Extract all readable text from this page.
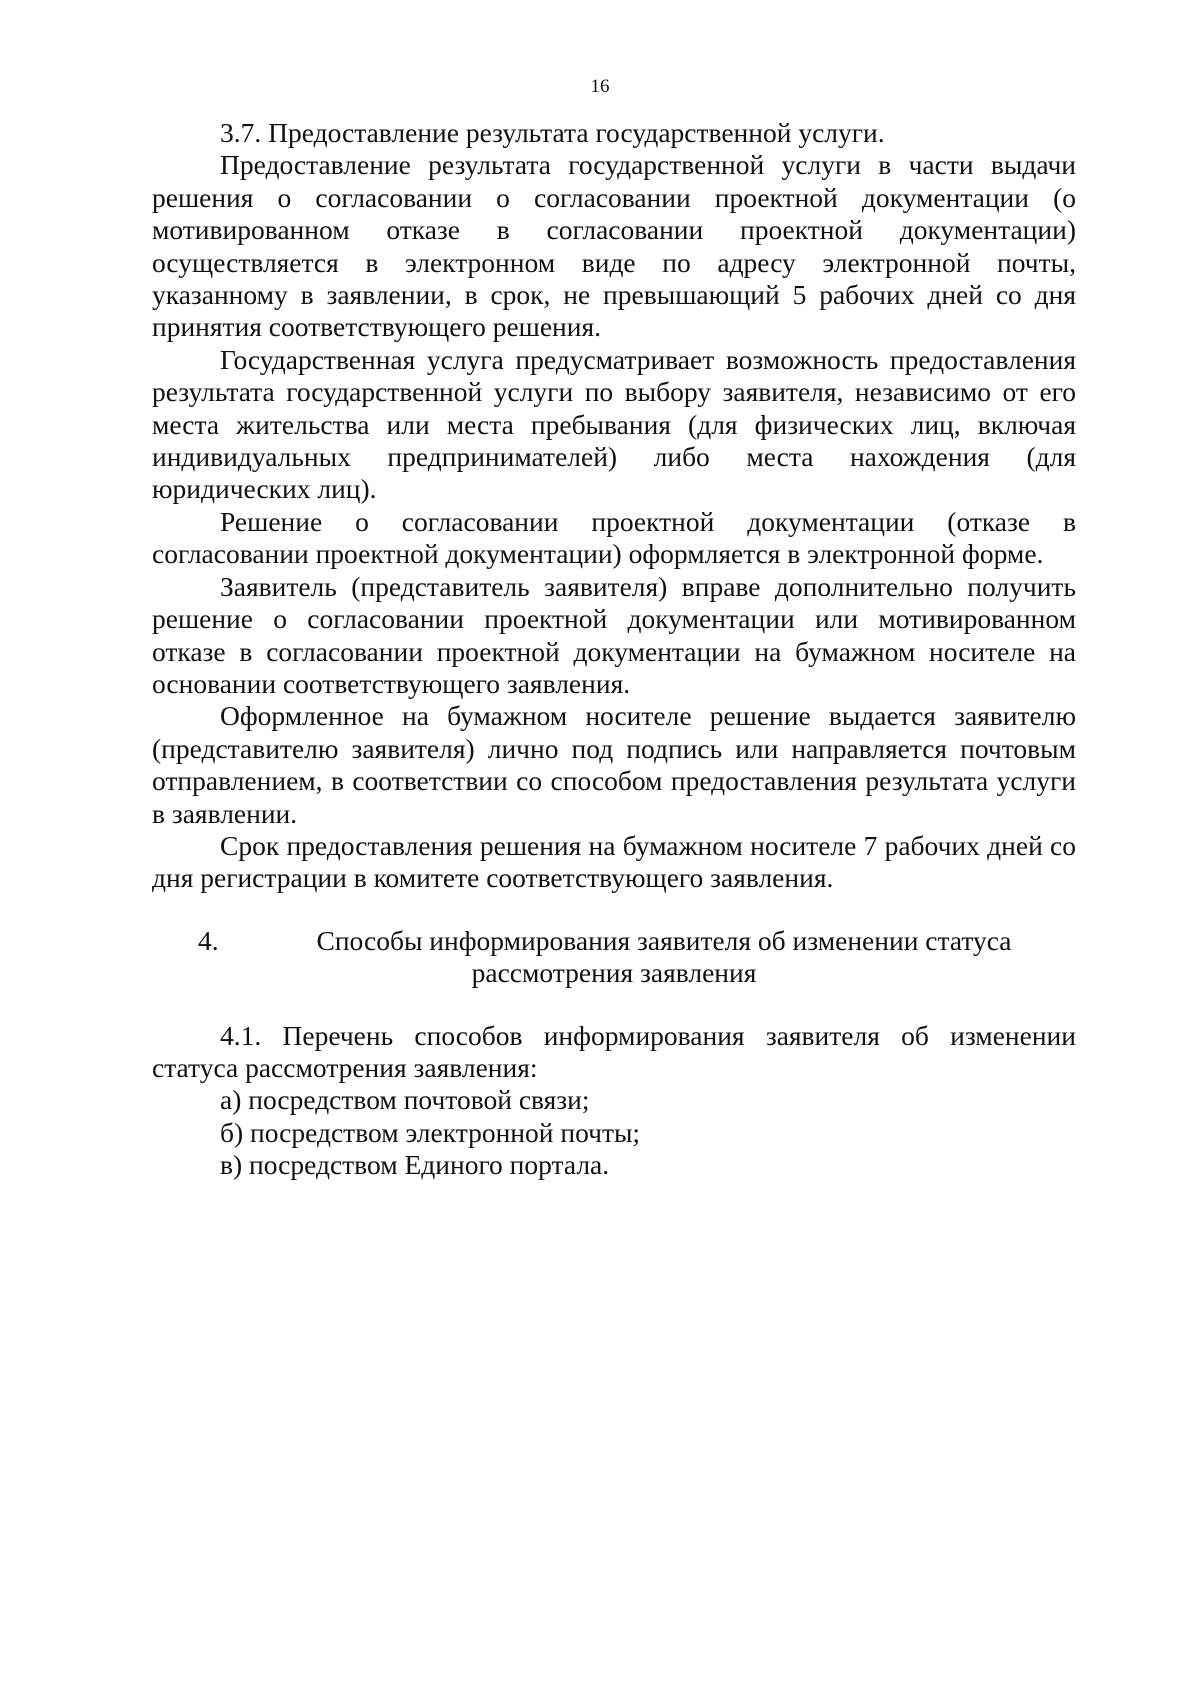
16

3.7. Предоставление результата государственной услуги.

Предоставление результата государственной услуги в части выдачи решения о согласовании о согласовании проектной документации (о мотивированном отказе в согласовании проектной документации) осуществляется в электронном виде по адресу электронной почты, указанному в заявлении, в срок, не превышающий 5 рабочих дней со дня принятия соответствующего решения.

Государственная услуга предусматривает возможность предоставления результата государственной услуги по выбору заявителя, независимо от его места жительства или места пребывания (для физических лиц, включая индивидуальных предпринимателей) либо места нахождения (для юридических лиц).

Решение о согласовании проектной документации (отказе в согласовании проектной документации) оформляется в электронной форме.

Заявитель (представитель заявителя) вправе дополнительно получить решение о согласовании проектной документации или мотивированном отказе в согласовании проектной документации на бумажном носителе на основании соответствующего заявления.

Оформленное на бумажном носителе решение выдается заявителю (представителю заявителя) лично под подпись или направляется почтовым отправлением, в соответствии со способом предоставления результата услуги в заявлении.

Срок предоставления решения на бумажном носителе 7 рабочих дней со дня регистрации в комитете соответствующего заявления.

4.	Способы информирования заявителя об изменении статуса
рассмотрения заявления

4.1. Перечень способов информирования заявителя об изменении статуса рассмотрения заявления:

а) посредством почтовой связи;

б) посредством электронной почты;

в) посредством Единого портала.
